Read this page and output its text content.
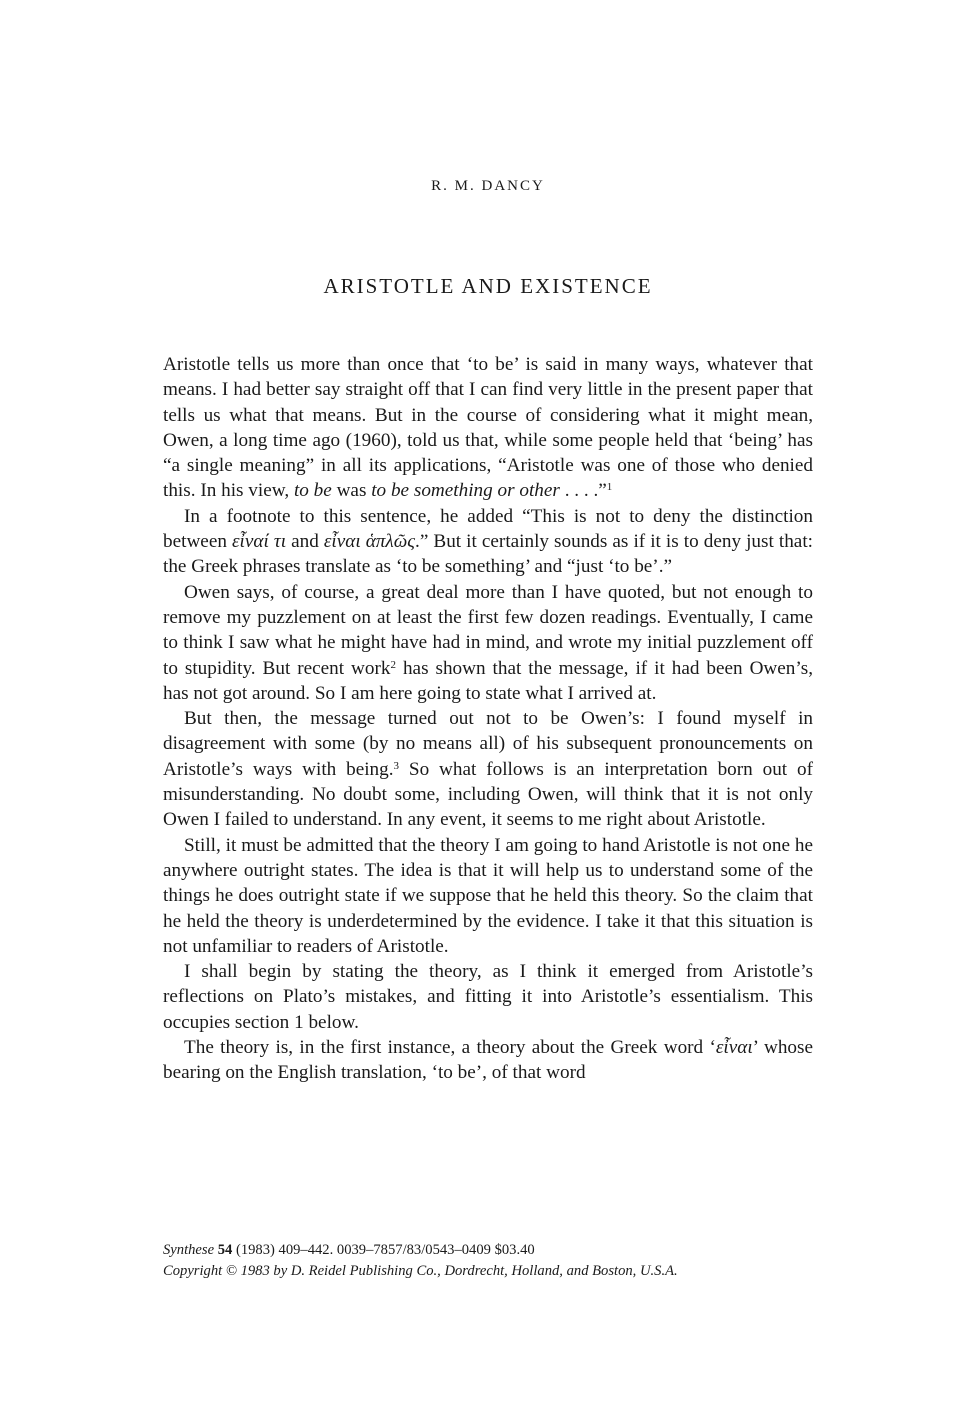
R. M. DANCY
ARISTOTLE AND EXISTENCE

Aristotle tells us more than once that ‘to be’ is said in many ways, whatever that means. I had better say straight off that I can find very little in the present paper that tells us what that means. But in the course of considering what it might mean, Owen, a long time ago (1960), told us that, while some people held that ‘being’ has “a single meaning” in all its applications, “Aristotle was one of those who denied this. In his view, to be was to be something or other . . . .”$^1$

In a footnote to this sentence, he added “This is not to deny the distinction between εἶναί τι and εἶναι ἁπλῶς.” But it certainly sounds as if it is to deny just that: the Greek phrases translate as ‘to be something’ and “just ‘to be’.”

Owen says, of course, a great deal more than I have quoted, but not enough to remove my puzzlement on at least the first few dozen readings. Eventually, I came to think I saw what he might have had in mind, and wrote my initial puzzlement off to stupidity. But recent work$^2$ has shown that the message, if it had been Owen’s, has not got around. So I am here going to state what I arrived at.

But then, the message turned out not to be Owen’s: I found myself in disagreement with some (by no means all) of his subsequent pronouncements on Aristotle’s ways with being.$^3$ So what follows is an interpretation born out of misunderstanding. No doubt some, including Owen, will think that it is not only Owen I failed to understand. In any event, it seems to me right about Aristotle.

Still, it must be admitted that the theory I am going to hand Aristotle is not one he anywhere outright states. The idea is that it will help us to understand some of the things he does outright state if we suppose that he held this theory. So the claim that he held the theory is underdetermined by the evidence. I take it that this situation is not unfamiliar to readers of Aristotle.

I shall begin by stating the theory, as I think it emerged from Aristotle’s reflections on Plato’s mistakes, and fitting it into Aristotle’s essentialism. This occupies section 1 below.

The theory is, in the first instance, a theory about the Greek word ‘εἶναι’ whose bearing on the English translation, ‘to be’, of that word

Synthese 54 (1983) 409–442. 0039–7857/83/0543–0409 $03.40
Copyright © 1983 by D. Reidel Publishing Co., Dordrecht, Holland, and Boston, U.S.A.
